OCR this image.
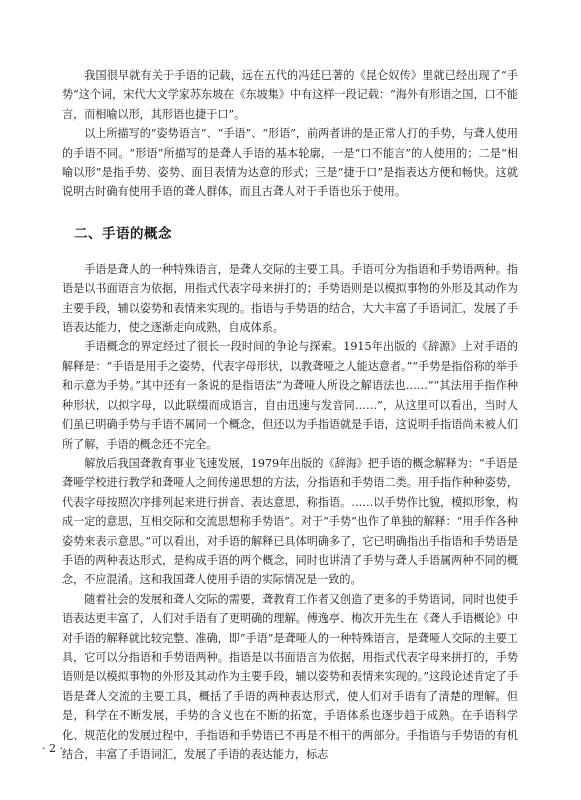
我国很早就有关于手语的记载，远在五代的冯廷巳著的《昆仑奴传》里就已经出现了“手势”这个词，宋代大文学家苏东坡在《东坡集》中有这样一段记载：“海外有形语之国，口不能言，而相喻以形，其形语也捷于口”。

以上所描写的“姿势语言”、“手语”、“形语”，前两者讲的是正常人打的手势，与聋人使用的手语不同。“形语”所描写的是聋人手语的基本轮廓，一是“口不能言”的人使用的；二是“相喻以形”是指手势、姿势、面目表情为达意的形式；三是“捷于口”是指表达方便和畅快。这就说明古时确有使用手语的聋人群体，而且古聋人对于手语也乐于使用。

二、手语的概念

手语是聋人的一种特殊语言，是聋人交际的主要工具。手语可分为指语和手势语两种。指语是以书面语言为依据，用指式代表字母来拼打的；手势语则是以模拟事物的外形及其动作为主要手段，辅以姿势和表情来实现的。指语与手势语的结合，大大丰富了手语词汇，发展了手语表达能力，使之逐渐走向成熟，自成体系。

手语概念的界定经过了很长一段时间的争论与探索。1915年出版的《辞源》上对手语的解释是：“手语是用手之姿势，代表字母形状，以教聋哑之人能达意者。”“手势是指俗称的举手和示意为手势。”其中还有一条说的是指语法“为聋哑人所设之解语法也……”“其法用手指作种种形状，以拟字母，以此联缀而成语言，自由迅速与发音同……”，从这里可以看出，当时人们虽已明确手势与手语不属同一个概念，但还以为手指语就是手语，这说明手指语尚未被人们所了解，手语的概念还不完全。

解放后我国聋教育事业飞速发展，1979年出版的《辞海》把手语的概念解释为：“手语是聋哑学校进行教学和聋哑人之间传递思想的方法，分指语和手势语二类。用手指作种种姿势，代表字母按照次序排列起来进行拼音、表达意思，称指语。……以手势作比貌，模拟形象，构成一定的意思，互相交际和交流思想称手势语”。对于“手势”也作了单独的解释：“用手作各种姿势来表示意思。”可以看出，对手语的解释已具体明确多了，它已明确指出手指语和手势语是手语的两种表达形式，是构成手语的两个概念，同时也讲清了手势与聋人手语属两种不同的概念，不应混淆。这和我国聋人使用手语的实际情况是一致的。

随着社会的发展和聋人交际的需要，聋教育工作者又创造了更多的手势语词，同时也使手语表达更丰富了，人们对手语有了更明确的理解。傅逸亭、梅次开先生在《聋人手语概论》中对手语的解释就比较完整、准确，即“手语”是聋哑人的一种特殊语言，是聋哑人交际的主要工具，它可以分指语和手势语两种。指语是以书面语言为依据，用指式代表字母来拼打的，手势语则是以模拟事物的外形及其动作为主要手段，辅以姿势和表情来实现的。”这段论述肯定了手语是聋人交流的主要工具，概括了手语的两种表达形式，使人们对手语有了清楚的理解。但是，科学在不断发展，手势的含义也在不断的拓宽，手语体系也逐步趋于成熟。在手语科学化、规范化的发展过程中，手指语和手势语已不再是不相干的两部分。手指语与手势语的有机结合，丰富了手语词汇，发展了手语的表达能力，标志

· 2 ·
